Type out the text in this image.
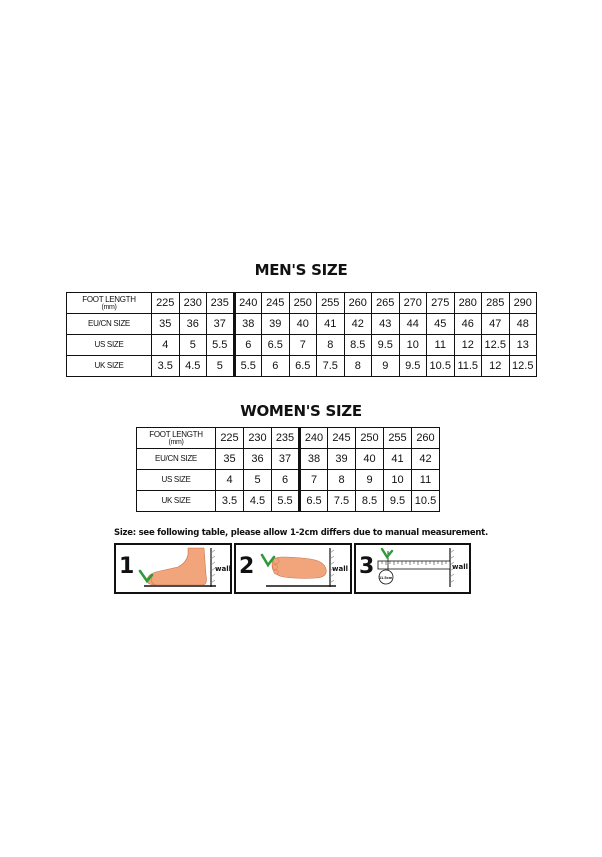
MEN'S SIZE
FOOT LENGTH
(mm)	225	230	235	240	245	250	255	260	265	270	275	280	285	290

EU/CN SIZE	35	36	37	38	39	40	41	42	43	44	45	46	47	48

US SIZE	4	5	5.5	6	6.5	7	8	8.5	9.5	10	11	12	12.5	13

UK SIZE	3.5	4.5	5	5.5	6	6.5	7.5	8	9	9.5	10.5	11.5	12	12.5
WOMEN'S SIZE
FOOT LENGTH
(mm)	225	230	235	240	245	250	255	260

EU/CN SIZE	35	36	37	38	39	40	41	42

US SIZE	4	5	6	7	8	9	10	11

UK SIZE	3.5	4.5	5.5	6.5	7.5	8.5	9.5	10.5
Size: see following table, please allow 1-2cm differs due to manual measurement.
1	wall 2	wall 3 11.5cm
wall
